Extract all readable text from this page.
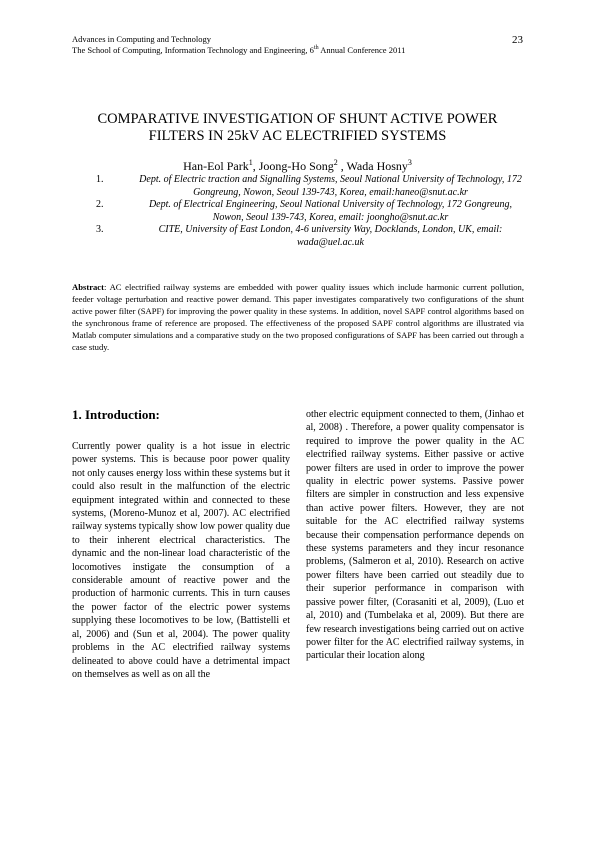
Advances in Computing and Technology
The School of Computing, Information Technology and Engineering, 6th Annual Conference 2011
23
COMPARATIVE INVESTIGATION OF SHUNT ACTIVE POWER
FILTERS IN 25kV AC ELECTRIFIED SYSTEMS
Han-Eol Park$^1$, Joong-Ho Song$^2$ , Wada Hosny$^3$
1.	Dept. of Electric traction and Signalling Systems, Seoul National University of Technology, 172 Gongreung, Nowon, Seoul 139-743, Korea, email:haneo@snut.ac.kr
2.	Dept. of Electrical Engineering, Seoul National University of Technology, 172 Gongreung, Nowon, Seoul 139-743, Korea, email: joongho@snut.ac.kr
3.	CITE, University of East London, 4-6 university Way, Docklands, London, UK, email: wada@uel.ac.uk
Abstract: AC electrified railway systems are embedded with power quality issues which include harmonic current pollution, feeder voltage perturbation and reactive power demand. This paper investigates comparatively two configurations of the shunt active power filter (SAPF) for improving the power quality in these systems. In addition, novel SAPF control algorithms based on the synchronous frame of reference are proposed. The effectiveness of the proposed SAPF control algorithms are illustrated via Matlab computer simulations and a comparative study on the two proposed configurations of SAPF has been carried out through a case study.
1. Introduction:

Currently power quality is a hot issue in electric power systems. This is because poor power quality not only causes energy loss within these systems but it could also result in the malfunction of the electric equipment integrated within and connected to these systems, (Moreno-Munoz et al, 2007). AC electrified railway systems typically show low power quality due to their inherent electrical characteristics. The dynamic and the non-linear load characteristic of the locomotives instigate the consumption of a considerable amount of reactive power and the production of harmonic currents. This in turn causes the power factor of the electric power systems supplying these locomotives to be low, (Battistelli et al, 2006) and (Sun et al, 2004). The power quality problems in the AC electrified railway systems delineated to above could have a detrimental impact on themselves as well as on all the

other electric equipment connected to them, (Jinhao et al, 2008) . Therefore, a power quality compensator is required to improve the power quality in the AC electrified railway systems. Either passive or active power filters are used in order to improve the power quality in electric power systems. Passive power filters are simpler in construction and less expensive than active power filters. However, they are not suitable for the AC electrified railway systems because their compensation performance depends on these systems parameters and they incur resonance problems, (Salmeron et al, 2010). Research on active power filters have been carried out steadily due to their superior performance in comparison with passive power filter, (Corasaniti et al, 2009), (Luo et al, 2010) and (Tumbelaka et al, 2009). But there are few research investigations being carried out on active power filter for the AC electrified railway systems, in particular their location along
